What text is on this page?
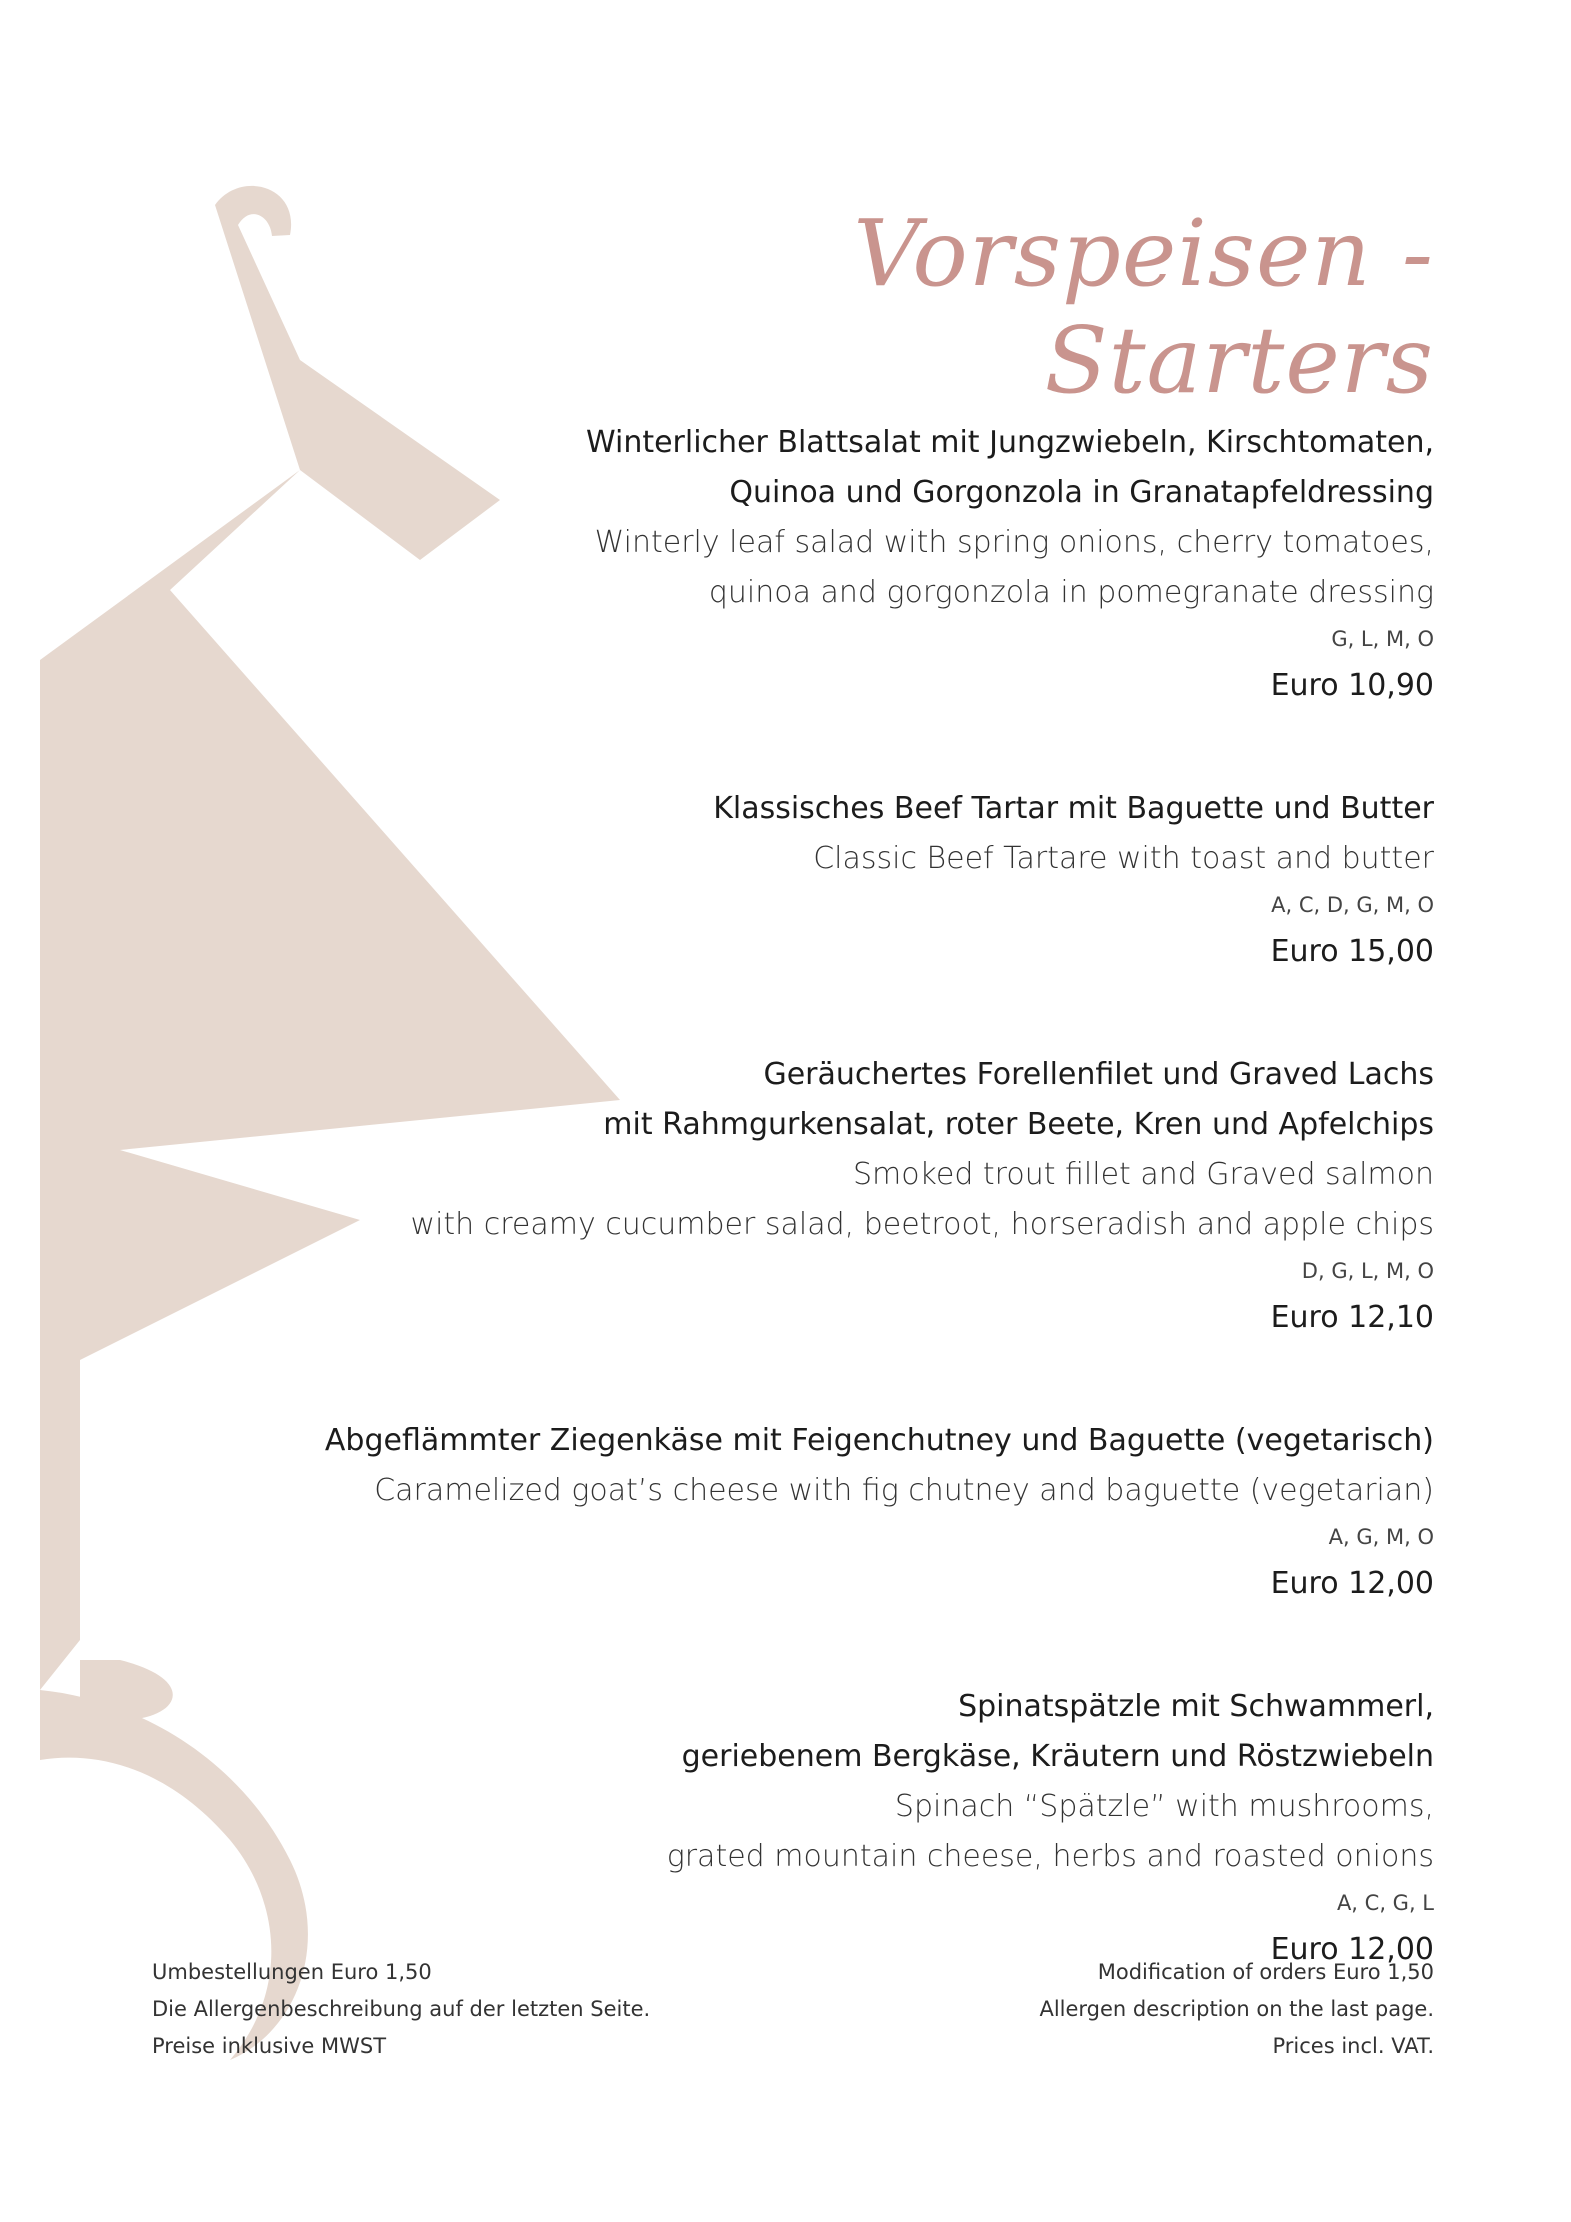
Vorspeisen - Starters
Winterlicher Blattsalat mit Jungzwiebeln, Kirschtomaten,
Quinoa und Gorgonzola in Granatapfeldressing
Winterly leaf salad with spring onions, cherry tomatoes,
quinoa and gorgonzola in pomegranate dressing
G, L, M, O
Euro 10,90
Klassisches Beef Tartar mit Baguette und Butter
Classic Beef Tartare with toast and butter
A, C, D, G, M, O
Euro 15,00
Geräuchertes Forellenfilet und Graved Lachs
mit Rahmgurkensalat, roter Beete, Kren und Apfelchips
Smoked trout fillet and Graved salmon
with creamy cucumber salad, beetroot, horseradish and apple chips
D, G, L, M, O
Euro 12,10
Abgeflämmter Ziegenkäse mit Feigenchutney und Baguette (vegetarisch)
Caramelized goat’s cheese with fig chutney and baguette (vegetarian)
A, G, M, O
Euro 12,00
Spinatspätzle mit Schwammerl,
geriebenem Bergkäse, Kräutern und Röstzwiebeln
Spinach “Spätzle” with mushrooms,
grated mountain cheese, herbs and roasted onions
A, C, G, L
Euro 12,00
Umbestellungen Euro 1,50
Die Allergenbeschreibung auf der letzten Seite.
Preise inklusive MWST
Modification of orders Euro 1,50
Allergen description on the last page.
Prices incl. VAT.
